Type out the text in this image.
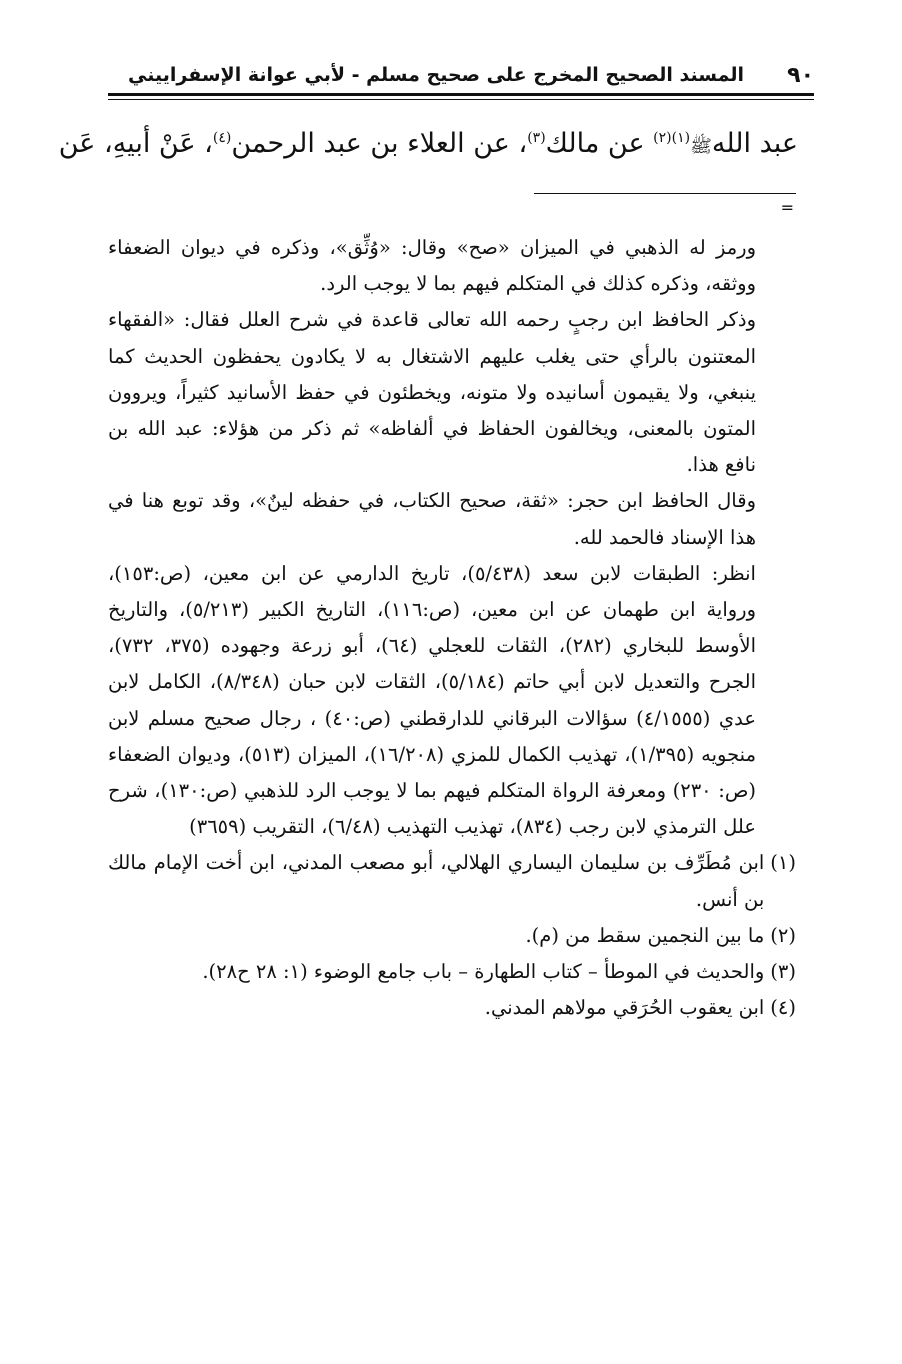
٩٠
المسند الصحيح المخرج على صحيح مسلم - لأبي عوانة الإسفراييني
عبد اللهﷺ$^{(١)(٢)}$ عن مالك$^{(٣)}$، عن العلاء بن عبد الرحمن$^{(٤)}$، عَنْ أبيهِ، عَن
=

ورمز له الذهبي في الميزان «صح» وقال: «وُثِّق»، وذكره في ديوان الضعفاء ووثقه، وذكره كذلك في المتكلم فيهم بما لا يوجب الرد.

وذكر الحافظ ابن رجبٍ رحمه الله تعالى قاعدة في شرح العلل فقال: «الفقهاء المعتنون بالرأي حتى يغلب عليهم الاشتغال به لا يكادون يحفظون الحديث كما ينبغي، ولا يقيمون أسانيده ولا متونه، ويخطئون في حفظ الأسانيد كثيراً، ويروون المتون بالمعنى، ويخالفون الحفاظ في ألفاظه» ثم ذكر من هؤلاء: عبد الله بن نافع هذا.

وقال الحافظ ابن حجر: «ثقة، صحيح الكتاب، في حفظه لينٌ»، وقد توبع هنا في هذا الإسناد فالحمد لله.

انظر: الطبقات لابن سعد (٥/٤٣٨)، تاريخ الدارمي عن ابن معين، (ص:١٥٣)، ورواية ابن طهمان عن ابن معين، (ص:١١٦)، التاريخ الكبير (٥/٢١٣)، والتاريخ الأوسط للبخاري (٢٨٢)، الثقات للعجلي (٦٤)، أبو زرعة وجهوده (٣٧٥، ٧٣٢)، الجرح والتعديل لابن أبي حاتم (٥/١٨٤)، الثقات لابن حبان (٨/٣٤٨)، الكامل لابن عدي (٤/١٥٥٥) سؤالات البرقاني للدارقطني (ص:٤٠) ، رجال صحيح مسلم لابن منجويه (١/٣٩٥)، تهذيب الكمال للمزي (١٦/٢٠٨)، الميزان (٥١٣)، وديوان الضعفاء (ص: ٢٣٠) ومعرفة الرواة المتكلم فيهم بما لا يوجب الرد للذهبي (ص:١٣٠)، شرح علل الترمذي لابن رجب (٨٣٤)، تهذيب التهذيب (٦/٤٨)، التقريب (٣٦٥٩)

(١)
ابن مُطَرِّف بن سليمان اليساري الهلالي، أبو مصعب المدني، ابن أخت الإمام مالك بن أنس.
(٢)
ما بين النجمين سقط من (م).
(٣)
والحديث في الموطأ – كتاب الطهارة – باب جامع الوضوء (١: ٢٨ ح٢٨).
(٤)
ابن يعقوب الحُرَقي مولاهم المدني.
